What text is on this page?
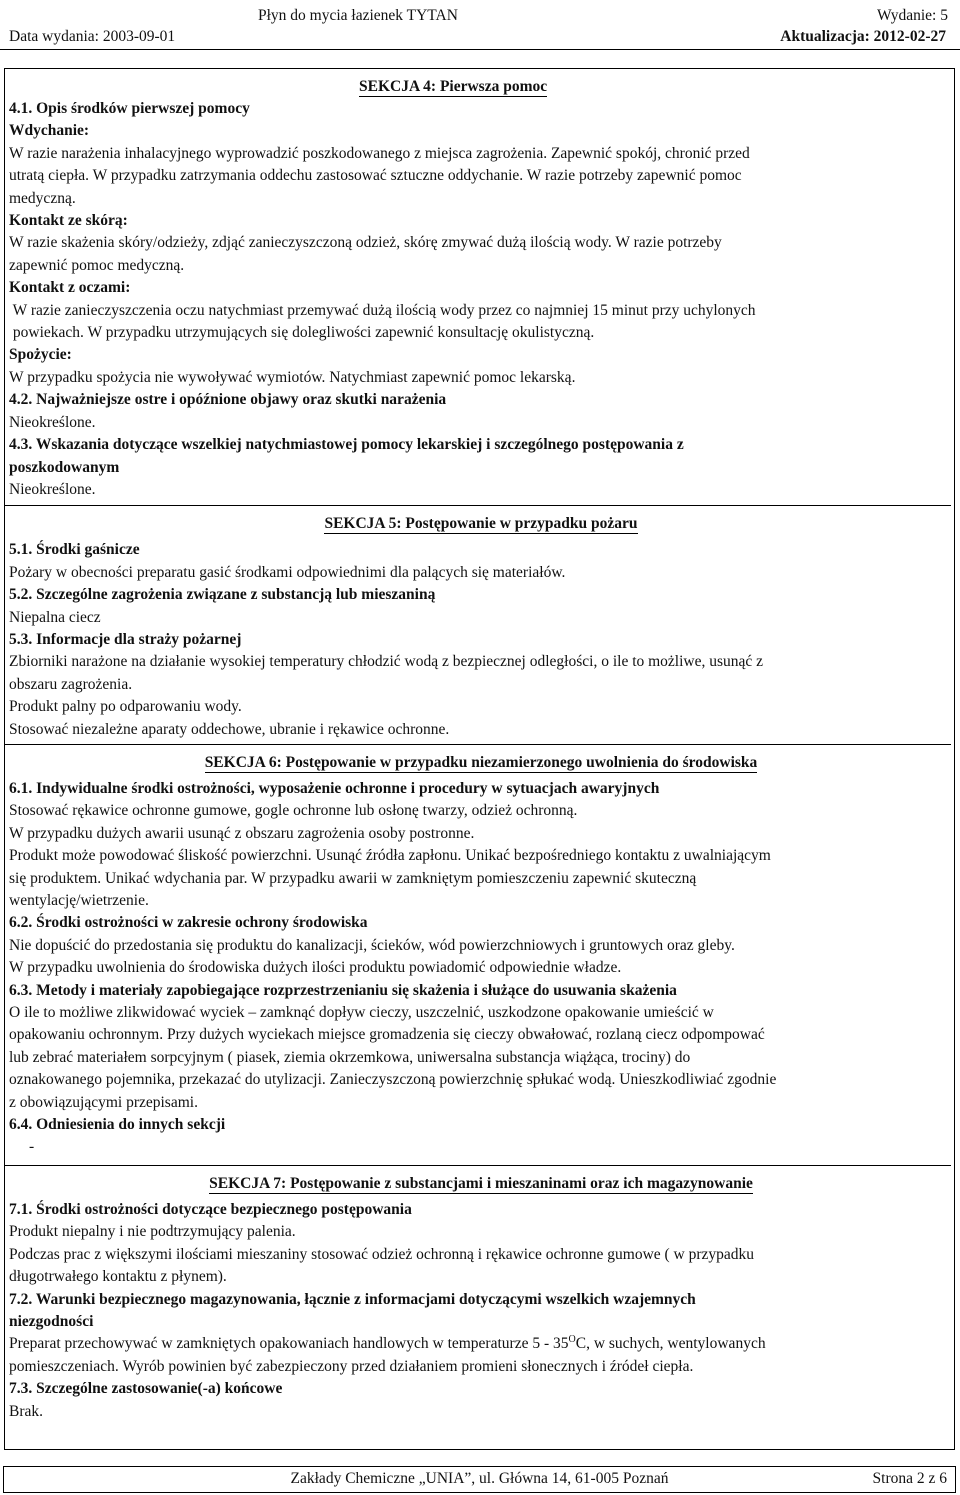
Płyn do mycia łazienek TYTAN	Wydanie: 5
Data wydania: 2003-09-01	Aktualizacja: 2012-02-27
SEKCJA 4: Pierwsza pomoc
4.1. Opis środków pierwszej pomocy
Wdychanie:
W razie narażenia inhalacyjnego wyprowadzić poszkodowanego z miejsca zagrożenia. Zapewnić spokój, chronić przed
utratą ciepła. W przypadku zatrzymania oddechu zastosować sztuczne oddychanie. W razie potrzeby zapewnić pomoc
medyczną.
Kontakt ze skórą:
W razie skażenia skóry/odzieży, zdjąć zanieczyszczoną odzież, skórę zmywać dużą ilością wody. W razie potrzeby
zapewnić pomoc medyczną.
Kontakt z oczami:
W razie zanieczyszczenia oczu natychmiast przemywać dużą ilością wody przez co najmniej 15 minut przy uchylonych
powiekach. W przypadku utrzymujących się dolegliwości zapewnić konsultację okulistyczną.
Spożycie:
W przypadku spożycia nie wywoływać wymiotów. Natychmiast zapewnić pomoc lekarską.
4.2. Najważniejsze ostre i opóźnione objawy oraz skutki narażenia
Nieokreślone.
4.3. Wskazania dotyczące wszelkiej natychmiastowej pomocy lekarskiej i szczególnego postępowania z
poszkodowanym
Nieokreślone.
SEKCJA 5: Postępowanie w przypadku pożaru
5.1. Środki gaśnicze
Pożary w obecności preparatu gasić środkami odpowiednimi dla palących się materiałów.
5.2. Szczególne zagrożenia związane z substancją lub mieszaniną
Niepalna ciecz
5.3. Informacje dla straży pożarnej
Zbiorniki narażone na działanie wysokiej temperatury chłodzić wodą z bezpiecznej odległości, o ile to możliwe, usunąć z
obszaru zagrożenia.
Produkt palny po odparowaniu wody.
Stosować niezależne aparaty oddechowe, ubranie i rękawice ochronne.
SEKCJA 6: Postępowanie w przypadku niezamierzonego uwolnienia do środowiska
6.1. Indywidualne środki ostrożności, wyposażenie ochronne i procedury w sytuacjach awaryjnych
Stosować rękawice ochronne gumowe, gogle ochronne lub osłonę twarzy, odzież ochronną.
W przypadku dużych awarii usunąć z obszaru zagrożenia osoby postronne.
Produkt może powodować śliskość powierzchni. Usunąć źródła zapłonu. Unikać bezpośredniego kontaktu z uwalniającym
się produktem. Unikać wdychania par. W przypadku awarii w zamkniętym pomieszczeniu zapewnić skuteczną
wentylację/wietrzenie.
6.2. Środki ostrożności w zakresie ochrony środowiska
Nie dopuścić do przedostania się produktu do kanalizacji, ścieków, wód powierzchniowych i gruntowych oraz gleby.
W przypadku uwolnienia do środowiska dużych ilości produktu powiadomić odpowiednie władze.
6.3. Metody i materiały zapobiegające rozprzestrzenianiu się skażenia i służące do usuwania skażenia
O ile to możliwe zlikwidować wyciek – zamknąć dopływ cieczy, uszczelnić, uszkodzone opakowanie umieścić w
opakowaniu ochronnym. Przy dużych wyciekach miejsce gromadzenia się cieczy obwałować, rozlaną ciecz odpompować
lub zebrać materiałem sorpcyjnym ( piasek, ziemia okrzemkowa, uniwersalna substancja wiążąca, trociny) do
oznakowanego pojemnika, przekazać do utylizacji. Zanieczyszczoną powierzchnię spłukać wodą. Unieszkodliwiać zgodnie
z obowiązującymi przepisami.
6.4. Odniesienia do innych sekcji
-
SEKCJA 7: Postępowanie z substancjami i mieszaninami oraz ich magazynowanie
7.1. Środki ostrożności dotyczące bezpiecznego postępowania
Produkt niepalny i nie podtrzymujący palenia.
Podczas prac z większymi ilościami mieszaniny stosować odzież ochronną i rękawice ochronne gumowe ( w przypadku
długotrwałego kontaktu z płynem).
7.2. Warunki bezpiecznego magazynowania, łącznie z informacjami dotyczącymi wszelkich wzajemnych
niezgodności
Preparat przechowywać w zamkniętych opakowaniach handlowych w temperaturze $5 - 35^OC$, w suchych, wentylowanych
pomieszczeniach. Wyrób powinien być zabezpieczony przed działaniem promieni słonecznych i źródeł ciepła.
7.3. Szczególne zastosowanie(-a) końcowe
Brak.
Zakłady Chemiczne „UNIA”, ul. Główna 14, 61-005 Poznań	Strona 2 z 6
